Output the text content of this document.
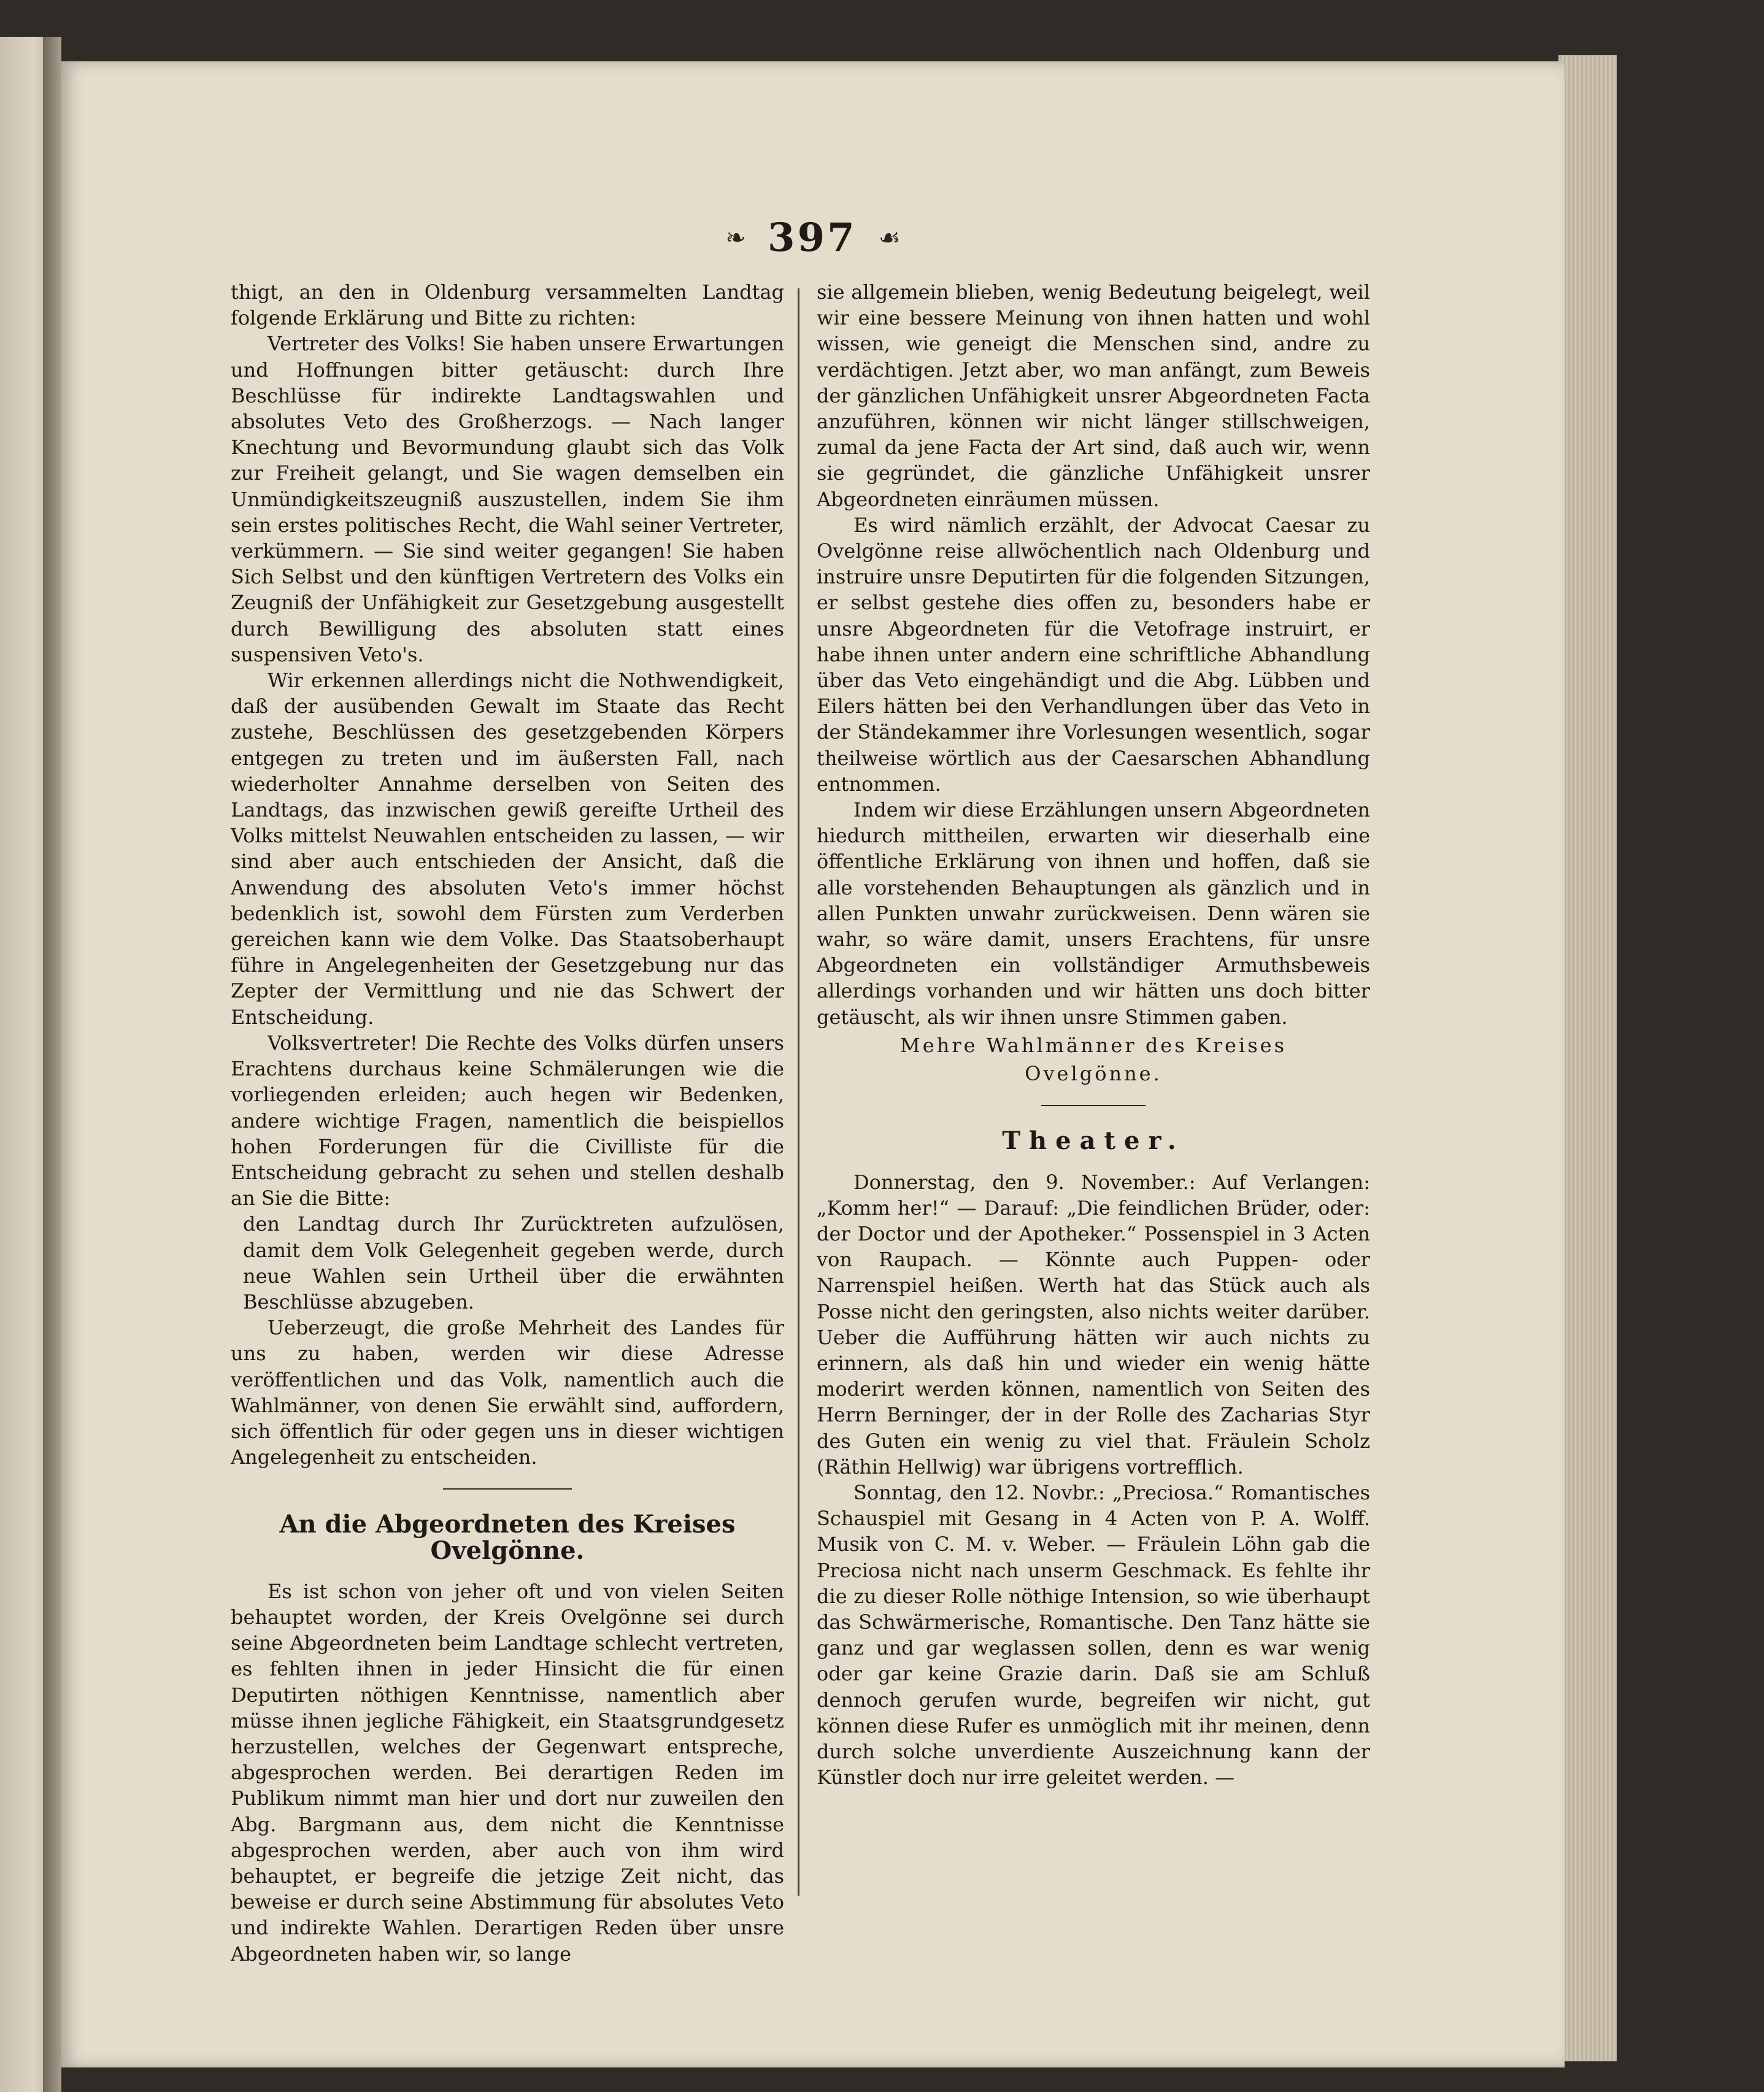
❧ 397 ☙

thigt, an den in Oldenburg versammelten Landtag folgende Erklärung und Bitte zu richten:

Vertreter des Volks! Sie haben unsere Erwartungen und Hoffnungen bitter getäuscht: durch Ihre Beschlüsse für indirekte Landtagswahlen und absolutes Veto des Großherzogs. — Nach langer Knechtung und Bevormundung glaubt sich das Volk zur Freiheit gelangt, und Sie wagen demselben ein Unmündigkeitszeugniß auszustellen, indem Sie ihm sein erstes politisches Recht, die Wahl seiner Vertreter, verkümmern. — Sie sind weiter gegangen! Sie haben Sich Selbst und den künftigen Vertretern des Volks ein Zeugniß der Unfähigkeit zur Gesetzgebung ausgestellt durch Bewilligung des absoluten statt eines suspensiven Veto's.

Wir erkennen allerdings nicht die Nothwendigkeit, daß der ausübenden Gewalt im Staate das Recht zustehe, Beschlüssen des gesetzgebenden Körpers entgegen zu treten und im äußersten Fall, nach wiederholter Annahme derselben von Seiten des Landtags, das inzwischen gewiß gereifte Urtheil des Volks mittelst Neuwahlen entscheiden zu lassen, — wir sind aber auch entschieden der Ansicht, daß die Anwendung des absoluten Veto's immer höchst bedenklich ist, sowohl dem Fürsten zum Verderben gereichen kann wie dem Volke. Das Staatsoberhaupt führe in Angelegenheiten der Gesetzgebung nur das Zepter der Vermittlung und nie das Schwert der Entscheidung.

Volksvertreter! Die Rechte des Volks dürfen unsers Erachtens durchaus keine Schmälerungen wie die vorliegenden erleiden; auch hegen wir Bedenken, andere wichtige Fragen, namentlich die beispiellos hohen Forderungen für die Civilliste für die Entscheidung gebracht zu sehen und stellen deshalb an Sie die Bitte:

den Landtag durch Ihr Zurücktreten aufzulösen, damit dem Volk Gelegenheit gegeben werde, durch neue Wahlen sein Urtheil über die erwähnten Beschlüsse abzugeben.

Ueberzeugt, die große Mehrheit des Landes für uns zu haben, werden wir diese Adresse veröffentlichen und das Volk, namentlich auch die Wahlmänner, von denen Sie erwählt sind, auffordern, sich öffentlich für oder gegen uns in dieser wichtigen Angelegenheit zu entscheiden.

An die Abgeordneten des Kreises Ovelgönne.

Es ist schon von jeher oft und von vielen Seiten behauptet worden, der Kreis Ovelgönne sei durch seine Abgeordneten beim Landtage schlecht vertreten, es fehlten ihnen in jeder Hinsicht die für einen Deputirten nöthigen Kenntnisse, namentlich aber müsse ihnen jegliche Fähigkeit, ein Staatsgrundgesetz herzustellen, welches der Gegenwart entspreche, abgesprochen werden. Bei derartigen Reden im Publikum nimmt man hier und dort nur zuweilen den Abg. Bargmann aus, dem nicht die Kenntnisse abgesprochen werden, aber auch von ihm wird behauptet, er begreife die jetzige Zeit nicht, das beweise er durch seine Abstimmung für absolutes Veto und indirekte Wahlen. Derartigen Reden über unsre Abgeordneten haben wir, so lange

sie allgemein blieben, wenig Bedeutung beigelegt, weil wir eine bessere Meinung von ihnen hatten und wohl wissen, wie geneigt die Menschen sind, andre zu verdächtigen. Jetzt aber, wo man anfängt, zum Beweis der gänzlichen Unfähigkeit unsrer Abgeordneten Facta anzuführen, können wir nicht länger stillschweigen, zumal da jene Facta der Art sind, daß auch wir, wenn sie gegründet, die gänzliche Unfähigkeit unsrer Abgeordneten einräumen müssen.

Es wird nämlich erzählt, der Advocat Caesar zu Ovelgönne reise allwöchentlich nach Oldenburg und instruire unsre Deputirten für die folgenden Sitzungen, er selbst gestehe dies offen zu, besonders habe er unsre Abgeordneten für die Vetofrage instruirt, er habe ihnen unter andern eine schriftliche Abhandlung über das Veto eingehändigt und die Abg. Lübben und Eilers hätten bei den Verhandlungen über das Veto in der Ständekammer ihre Vorlesungen wesentlich, sogar theilweise wörtlich aus der Caesarschen Abhandlung entnommen.

Indem wir diese Erzählungen unsern Abgeordneten hiedurch mittheilen, erwarten wir dieserhalb eine öffentliche Erklärung von ihnen und hoffen, daß sie alle vorstehenden Behauptungen als gänzlich und in allen Punkten unwahr zurückweisen. Denn wären sie wahr, so wäre damit, unsers Erachtens, für unsre Abgeordneten ein vollständiger Armuthsbeweis allerdings vorhanden und wir hätten uns doch bitter getäuscht, als wir ihnen unsre Stimmen gaben.

Mehre Wahlmänner des Kreises
Ovelgönne.
Theater.

Donnerstag, den 9. November.: Auf Verlangen: „Komm her!“ — Darauf: „Die feindlichen Brüder, oder: der Doctor und der Apotheker.“ Possenspiel in 3 Acten von Raupach. — Könnte auch Puppen- oder Narrenspiel heißen. Werth hat das Stück auch als Posse nicht den geringsten, also nichts weiter darüber. Ueber die Aufführung hätten wir auch nichts zu erinnern, als daß hin und wieder ein wenig hätte moderirt werden können, namentlich von Seiten des Herrn Berninger, der in der Rolle des Zacharias Styr des Guten ein wenig zu viel that. Fräulein Scholz (Räthin Hellwig) war übrigens vortrefflich.

Sonntag, den 12. Novbr.: „Preciosa.“ Romantisches Schauspiel mit Gesang in 4 Acten von P. A. Wolff. Musik von C. M. v. Weber. — Fräulein Löhn gab die Preciosa nicht nach unserm Geschmack. Es fehlte ihr die zu dieser Rolle nöthige Intension, so wie überhaupt das Schwärmerische, Romantische. Den Tanz hätte sie ganz und gar weglassen sollen, denn es war wenig oder gar keine Grazie darin. Daß sie am Schluß dennoch gerufen wurde, begreifen wir nicht, gut können diese Rufer es unmöglich mit ihr meinen, denn durch solche unverdiente Auszeichnung kann der Künstler doch nur irre geleitet werden. —
